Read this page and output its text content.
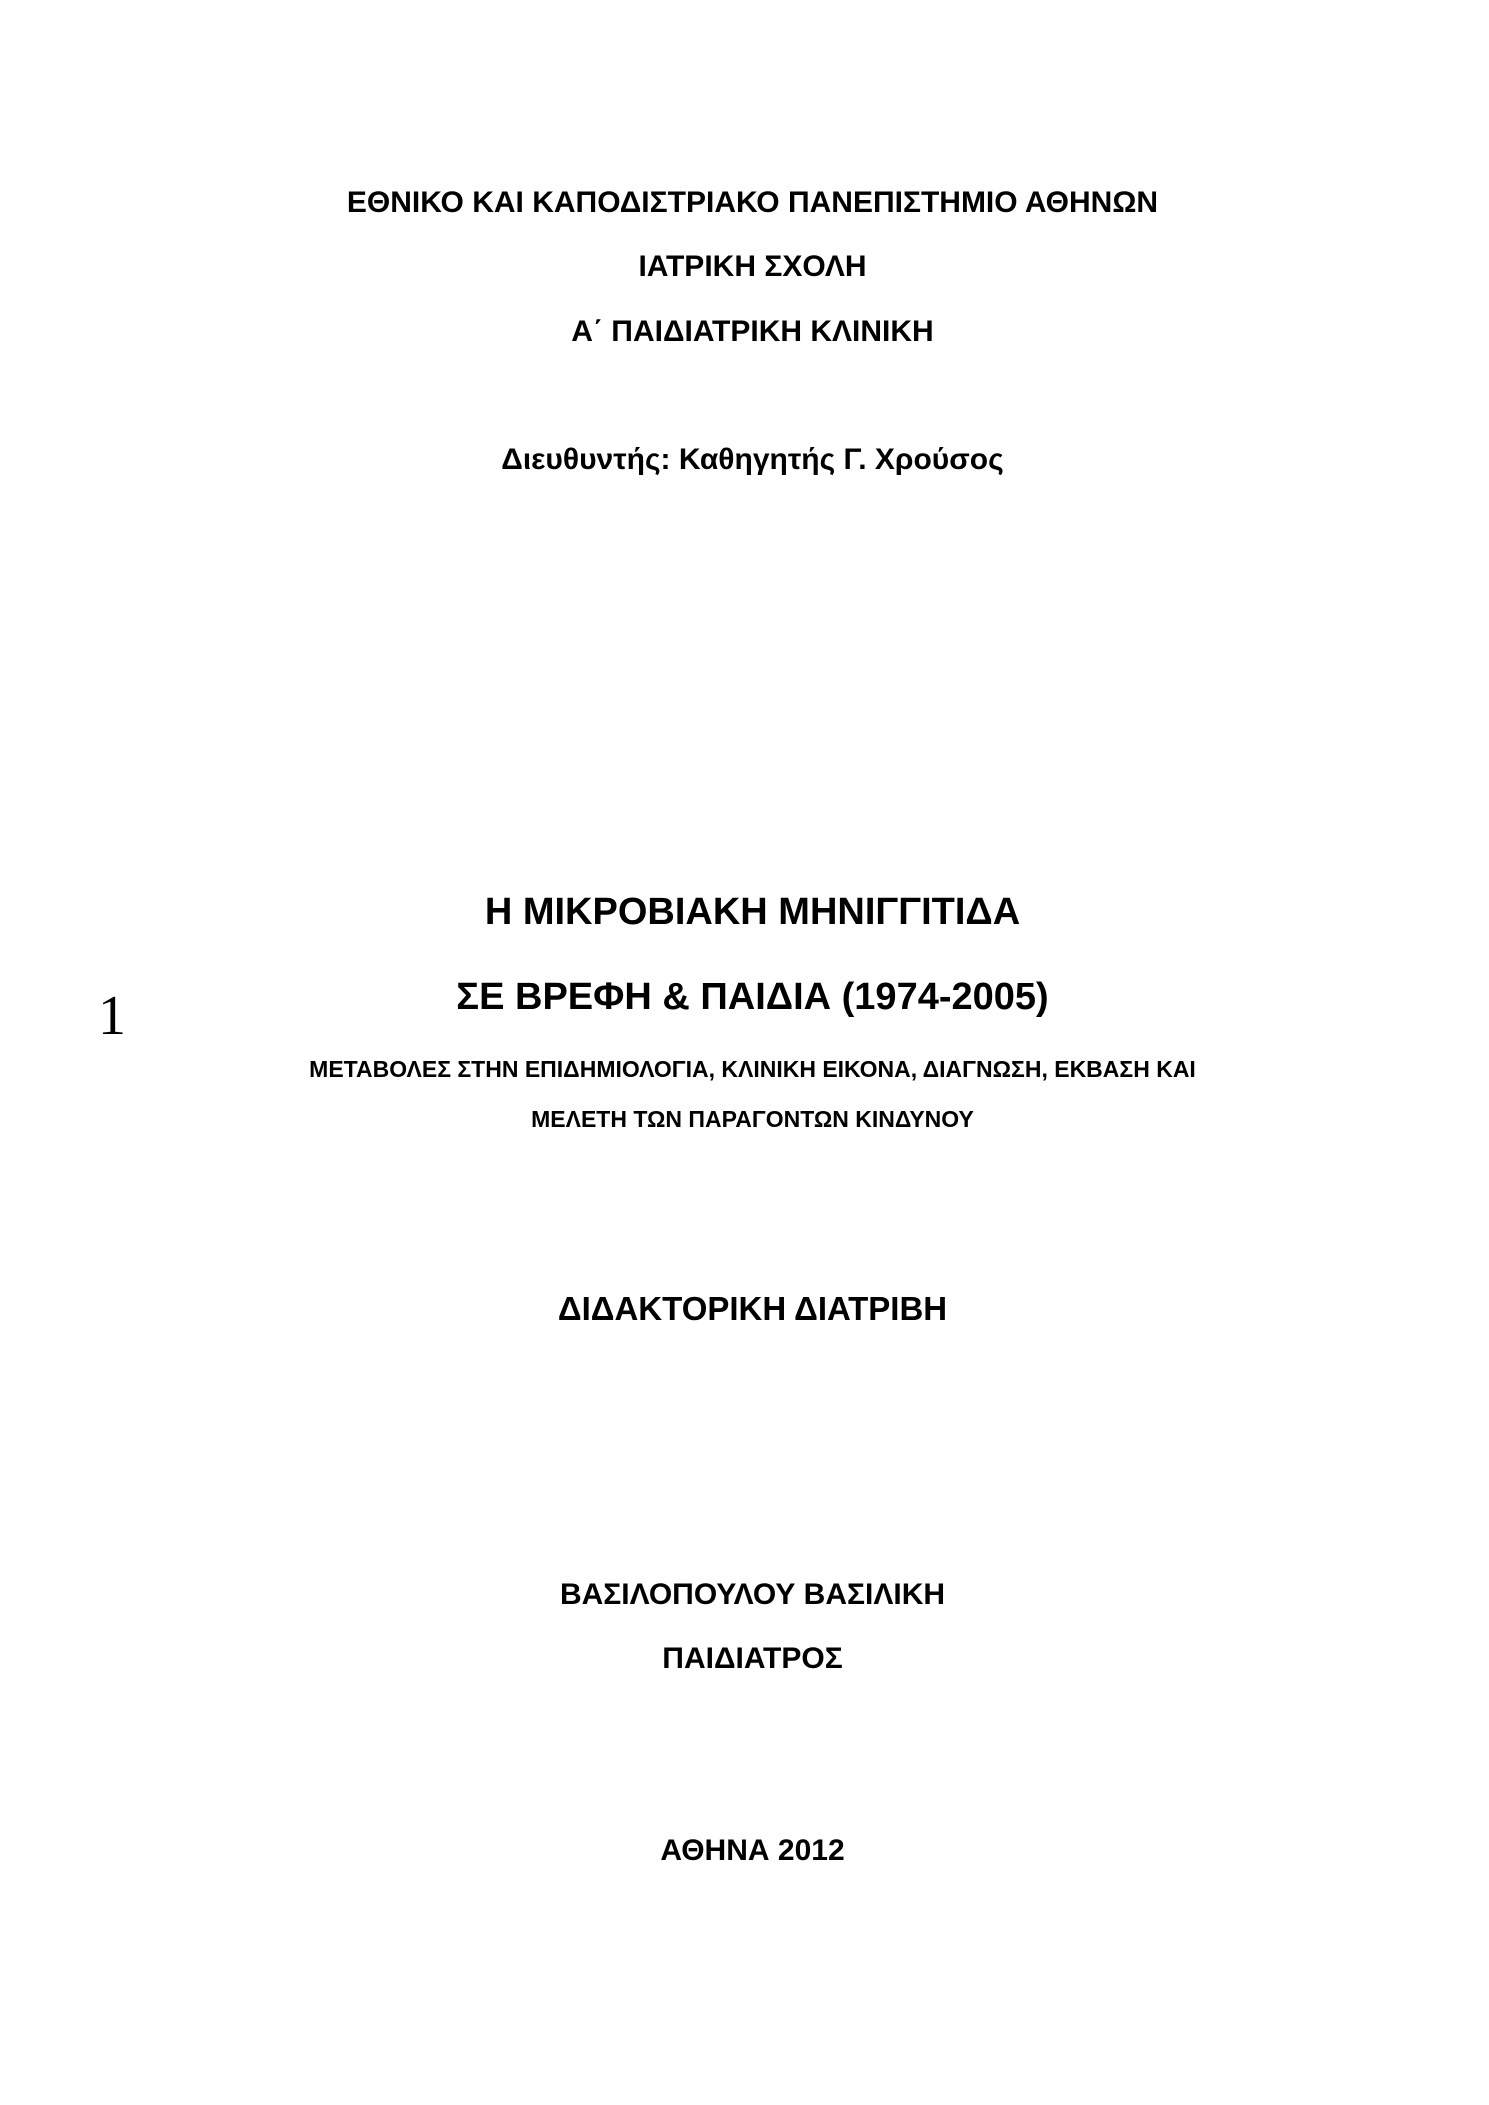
ΕΘΝΙΚΟ ΚΑΙ ΚΑΠΟΔΙΣΤΡΙΑΚΟ ΠΑΝΕΠΙΣΤΗΜΙΟ ΑΘΗΝΩΝ
ΙΑΤΡΙΚΗ ΣΧΟΛΗ
Α΄ ΠΑΙΔΙΑΤΡΙΚΗ ΚΛΙΝΙΚΗ
Διευθυντής: Καθηγητής Γ. Χρούσος
1
Η ΜΙΚΡΟΒΙΑΚΗ ΜΗΝΙΓΓΙΤΙΔΑ
ΣΕ ΒΡΕΦΗ & ΠΑΙΔΙΑ (1974-2005)
ΜΕΤΑΒΟΛΕΣ ΣΤΗΝ ΕΠΙΔΗΜΙΟΛΟΓΙΑ, ΚΛΙΝΙΚΗ ΕΙΚΟΝΑ, ΔΙΑΓΝΩΣΗ, ΕΚΒΑΣΗ ΚΑΙ
ΜΕΛΕΤΗ ΤΩΝ ΠΑΡΑΓΟΝΤΩΝ ΚΙΝΔΥΝΟΥ
ΔΙΔΑΚΤΟΡΙΚΗ ΔΙΑΤΡΙΒΗ
ΒΑΣΙΛΟΠΟΥΛΟΥ ΒΑΣΙΛΙΚΗ
ΠΑΙΔΙΑΤΡΟΣ
ΑΘΗΝΑ 2012
